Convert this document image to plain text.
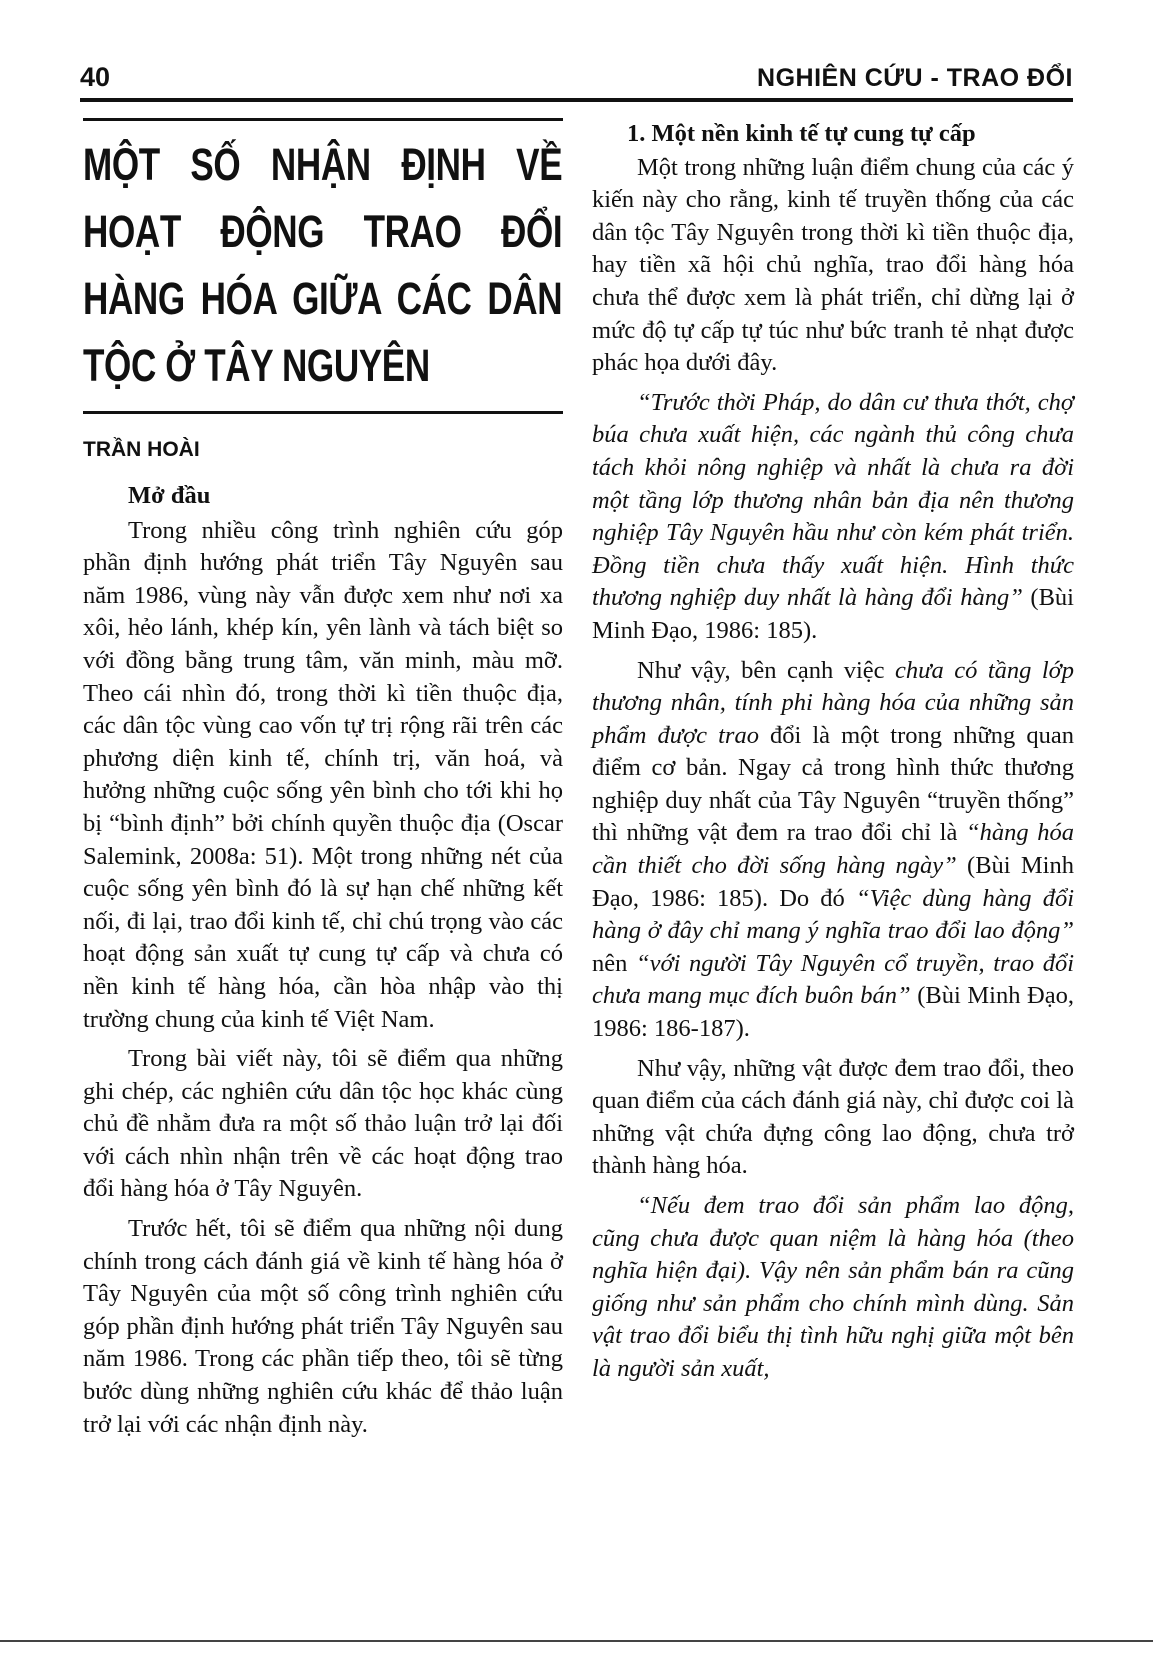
40	NGHIÊN CỨU - TRAO ĐỔI
MỘT SỐ NHẬN ĐỊNH VỀ HOẠT ĐỘNG TRAO ĐỔI HÀNG HÓA GIỮA CÁC DÂN TỘC Ở TÂY NGUYÊN
TRẦN HOÀI
Mở đầu

Trong nhiều công trình nghiên cứu góp phần định hướng phát triển Tây Nguyên sau năm 1986, vùng này vẫn được xem như nơi xa xôi, hẻo lánh, khép kín, yên lành và tách biệt so với đồng bằng trung tâm, văn minh, màu mỡ. Theo cái nhìn đó, trong thời kì tiền thuộc địa, các dân tộc vùng cao vốn tự trị rộng rãi trên các phương diện kinh tế, chính trị, văn hoá, và hưởng những cuộc sống yên bình cho tới khi họ bị “bình định” bởi chính quyền thuộc địa (Oscar Salemink, 2008a: 51). Một trong những nét của cuộc sống yên bình đó là sự hạn chế những kết nối, đi lại, trao đổi kinh tế, chỉ chú trọng vào các hoạt động sản xuất tự cung tự cấp và chưa có nền kinh tế hàng hóa, cần hòa nhập vào thị trường chung của kinh tế Việt Nam.

Trong bài viết này, tôi sẽ điểm qua những ghi chép, các nghiên cứu dân tộc học khác cùng chủ đề nhằm đưa ra một số thảo luận trở lại đối với cách nhìn nhận trên về các hoạt động trao đổi hàng hóa ở Tây Nguyên.

Trước hết, tôi sẽ điểm qua những nội dung chính trong cách đánh giá về kinh tế hàng hóa ở Tây Nguyên của một số công trình nghiên cứu góp phần định hướng phát triển Tây Nguyên sau năm 1986. Trong các phần tiếp theo, tôi sẽ từng bước dùng những nghiên cứu khác để thảo luận trở lại với các nhận định này.

1. Một nền kinh tế tự cung tự cấp

Một trong những luận điểm chung của các ý kiến này cho rằng, kinh tế truyền thống của các dân tộc Tây Nguyên trong thời kì tiền thuộc địa, hay tiền xã hội chủ nghĩa, trao đổi hàng hóa chưa thể được xem là phát triển, chỉ dừng lại ở mức độ tự cấp tự túc như bức tranh tẻ nhạt được phác họa dưới đây.

“Trước thời Pháp, do dân cư thưa thớt, chợ búa chưa xuất hiện, các ngành thủ công chưa tách khỏi nông nghiệp và nhất là chưa ra đời một tầng lớp thương nhân bản địa nên thương nghiệp Tây Nguyên hầu như còn kém phát triển. Đồng tiền chưa thấy xuất hiện. Hình thức thương nghiệp duy nhất là hàng đổi hàng” (Bùi Minh Đạo, 1986: 185).

Như vậy, bên cạnh việc chưa có tầng lớp thương nhân, tính phi hàng hóa của những sản phẩm được trao đổi là một trong những quan điểm cơ bản. Ngay cả trong hình thức thương nghiệp duy nhất của Tây Nguyên “truyền thống” thì những vật đem ra trao đổi chỉ là “hàng hóa cần thiết cho đời sống hàng ngày” (Bùi Minh Đạo, 1986: 185). Do đó “Việc dùng hàng đổi hàng ở đây chỉ mang ý nghĩa trao đổi lao động” nên “với người Tây Nguyên cổ truyền, trao đổi chưa mang mục đích buôn bán” (Bùi Minh Đạo, 1986: 186-187).

Như vậy, những vật được đem trao đổi, theo quan điểm của cách đánh giá này, chỉ được coi là những vật chứa đựng công lao động, chưa trở thành hàng hóa.

“Nếu đem trao đổi sản phẩm lao động, cũng chưa được quan niệm là hàng hóa (theo nghĩa hiện đại). Vậy nên sản phẩm bán ra cũng giống như sản phẩm cho chính mình dùng. Sản vật trao đổi biểu thị tình hữu nghị giữa một bên là người sản xuất,
